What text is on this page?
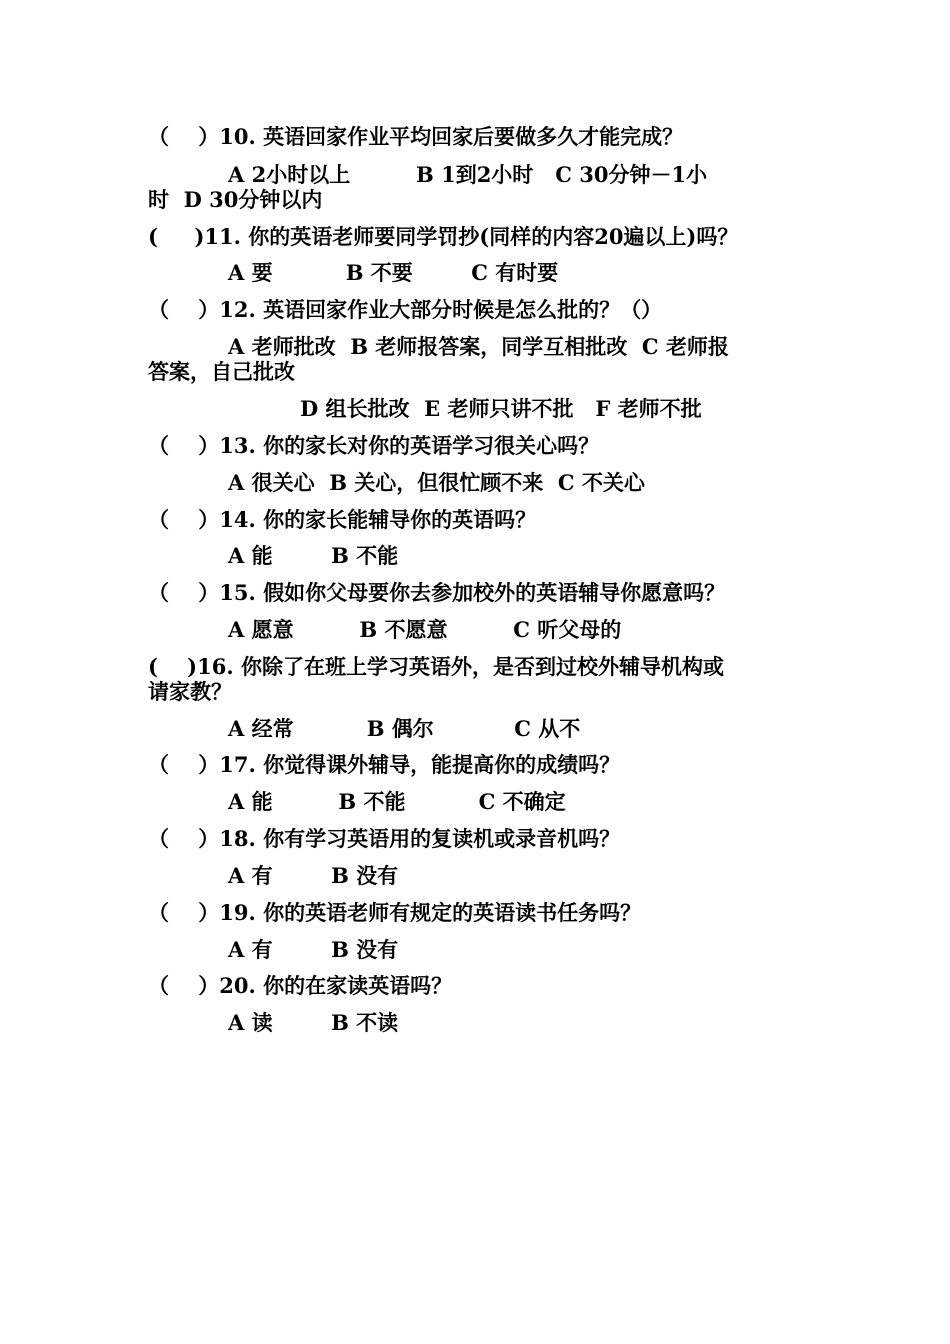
（    ）10. 英语回家作业平均回家后要做多久才能完成？
A 2小时以上         B 1到2小时   C 30分钟－1小
时  D 30分钟以内
(     )11. 你的英语老师要同学罚抄(同样的内容20遍以上)吗？
A 要          B 不要        C 有时要
（    ）12. 英语回家作业大部分时候是怎么批的？（）
A 老师批改  B 老师报答案，同学互相批改  C 老师报
答案，自己批改
D 组长批改  E 老师只讲不批   F 老师不批
（    ）13. 你的家长对你的英语学习很关心吗？
A 很关心  B 关心，但很忙顾不来  C 不关心
（    ）14. 你的家长能辅导你的英语吗？
A 能        B 不能
（    ）15. 假如你父母要你去参加校外的英语辅导你愿意吗？
A 愿意         B 不愿意         C 听父母的
(    )16. 你除了在班上学习英语外，是否到过校外辅导机构或
请家教？
A 经常          B 偶尔           C 从不
（    ）17. 你觉得课外辅导，能提高你的成绩吗？
A 能         B 不能          C 不确定
（    ）18. 你有学习英语用的复读机或录音机吗？
A 有        B 没有
（    ）19. 你的英语老师有规定的英语读书任务吗？
A 有        B 没有
（    ）20. 你的在家读英语吗？
A 读        B 不读
